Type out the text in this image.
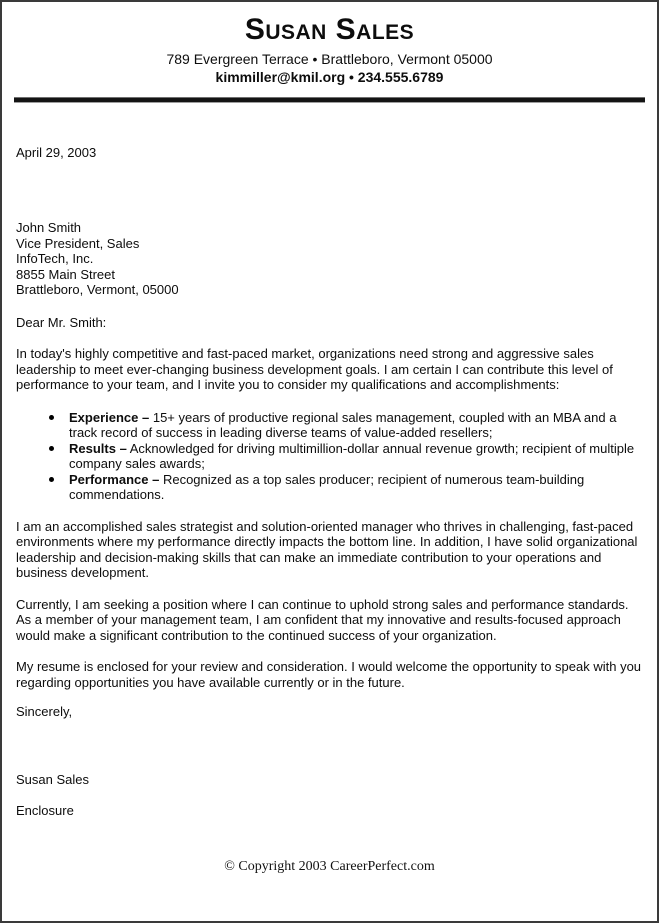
Susan Sales
789 Evergreen Terrace • Brattleboro, Vermont 05000
kimmiller@kmil.org • 234.555.6789
April 29, 2003
John Smith
Vice President, Sales
InfoTech, Inc.
8855 Main Street
Brattleboro, Vermont, 05000
Dear Mr. Smith:

In today's highly competitive and fast-paced market, organizations need strong and aggressive sales leadership to meet ever-changing business development goals. I am certain I can contribute this level of performance to your team, and I invite you to consider my qualifications and accomplishments:

Experience – 15+ years of productive regional sales management, coupled with an MBA and a track record of success in leading diverse teams of value-added resellers;
Results – Acknowledged for driving multimillion-dollar annual revenue growth; recipient of multiple company sales awards;
Performance – Recognized as a top sales producer; recipient of numerous team-building commendations.

I am an accomplished sales strategist and solution-oriented manager who thrives in challenging, fast-paced environments where my performance directly impacts the bottom line. In addition, I have solid organizational leadership and decision-making skills that can make an immediate contribution to your operations and business development.

Currently, I am seeking a position where I can continue to uphold strong sales and performance standards. As a member of your management team, I am confident that my innovative and results-focused approach would make a significant contribution to the continued success of your organization.

My resume is enclosed for your review and consideration. I would welcome the opportunity to speak with you regarding opportunities you have available currently or in the future.

Sincerely,
Susan Sales
Enclosure
© Copyright 2003 CareerPerfect.com
